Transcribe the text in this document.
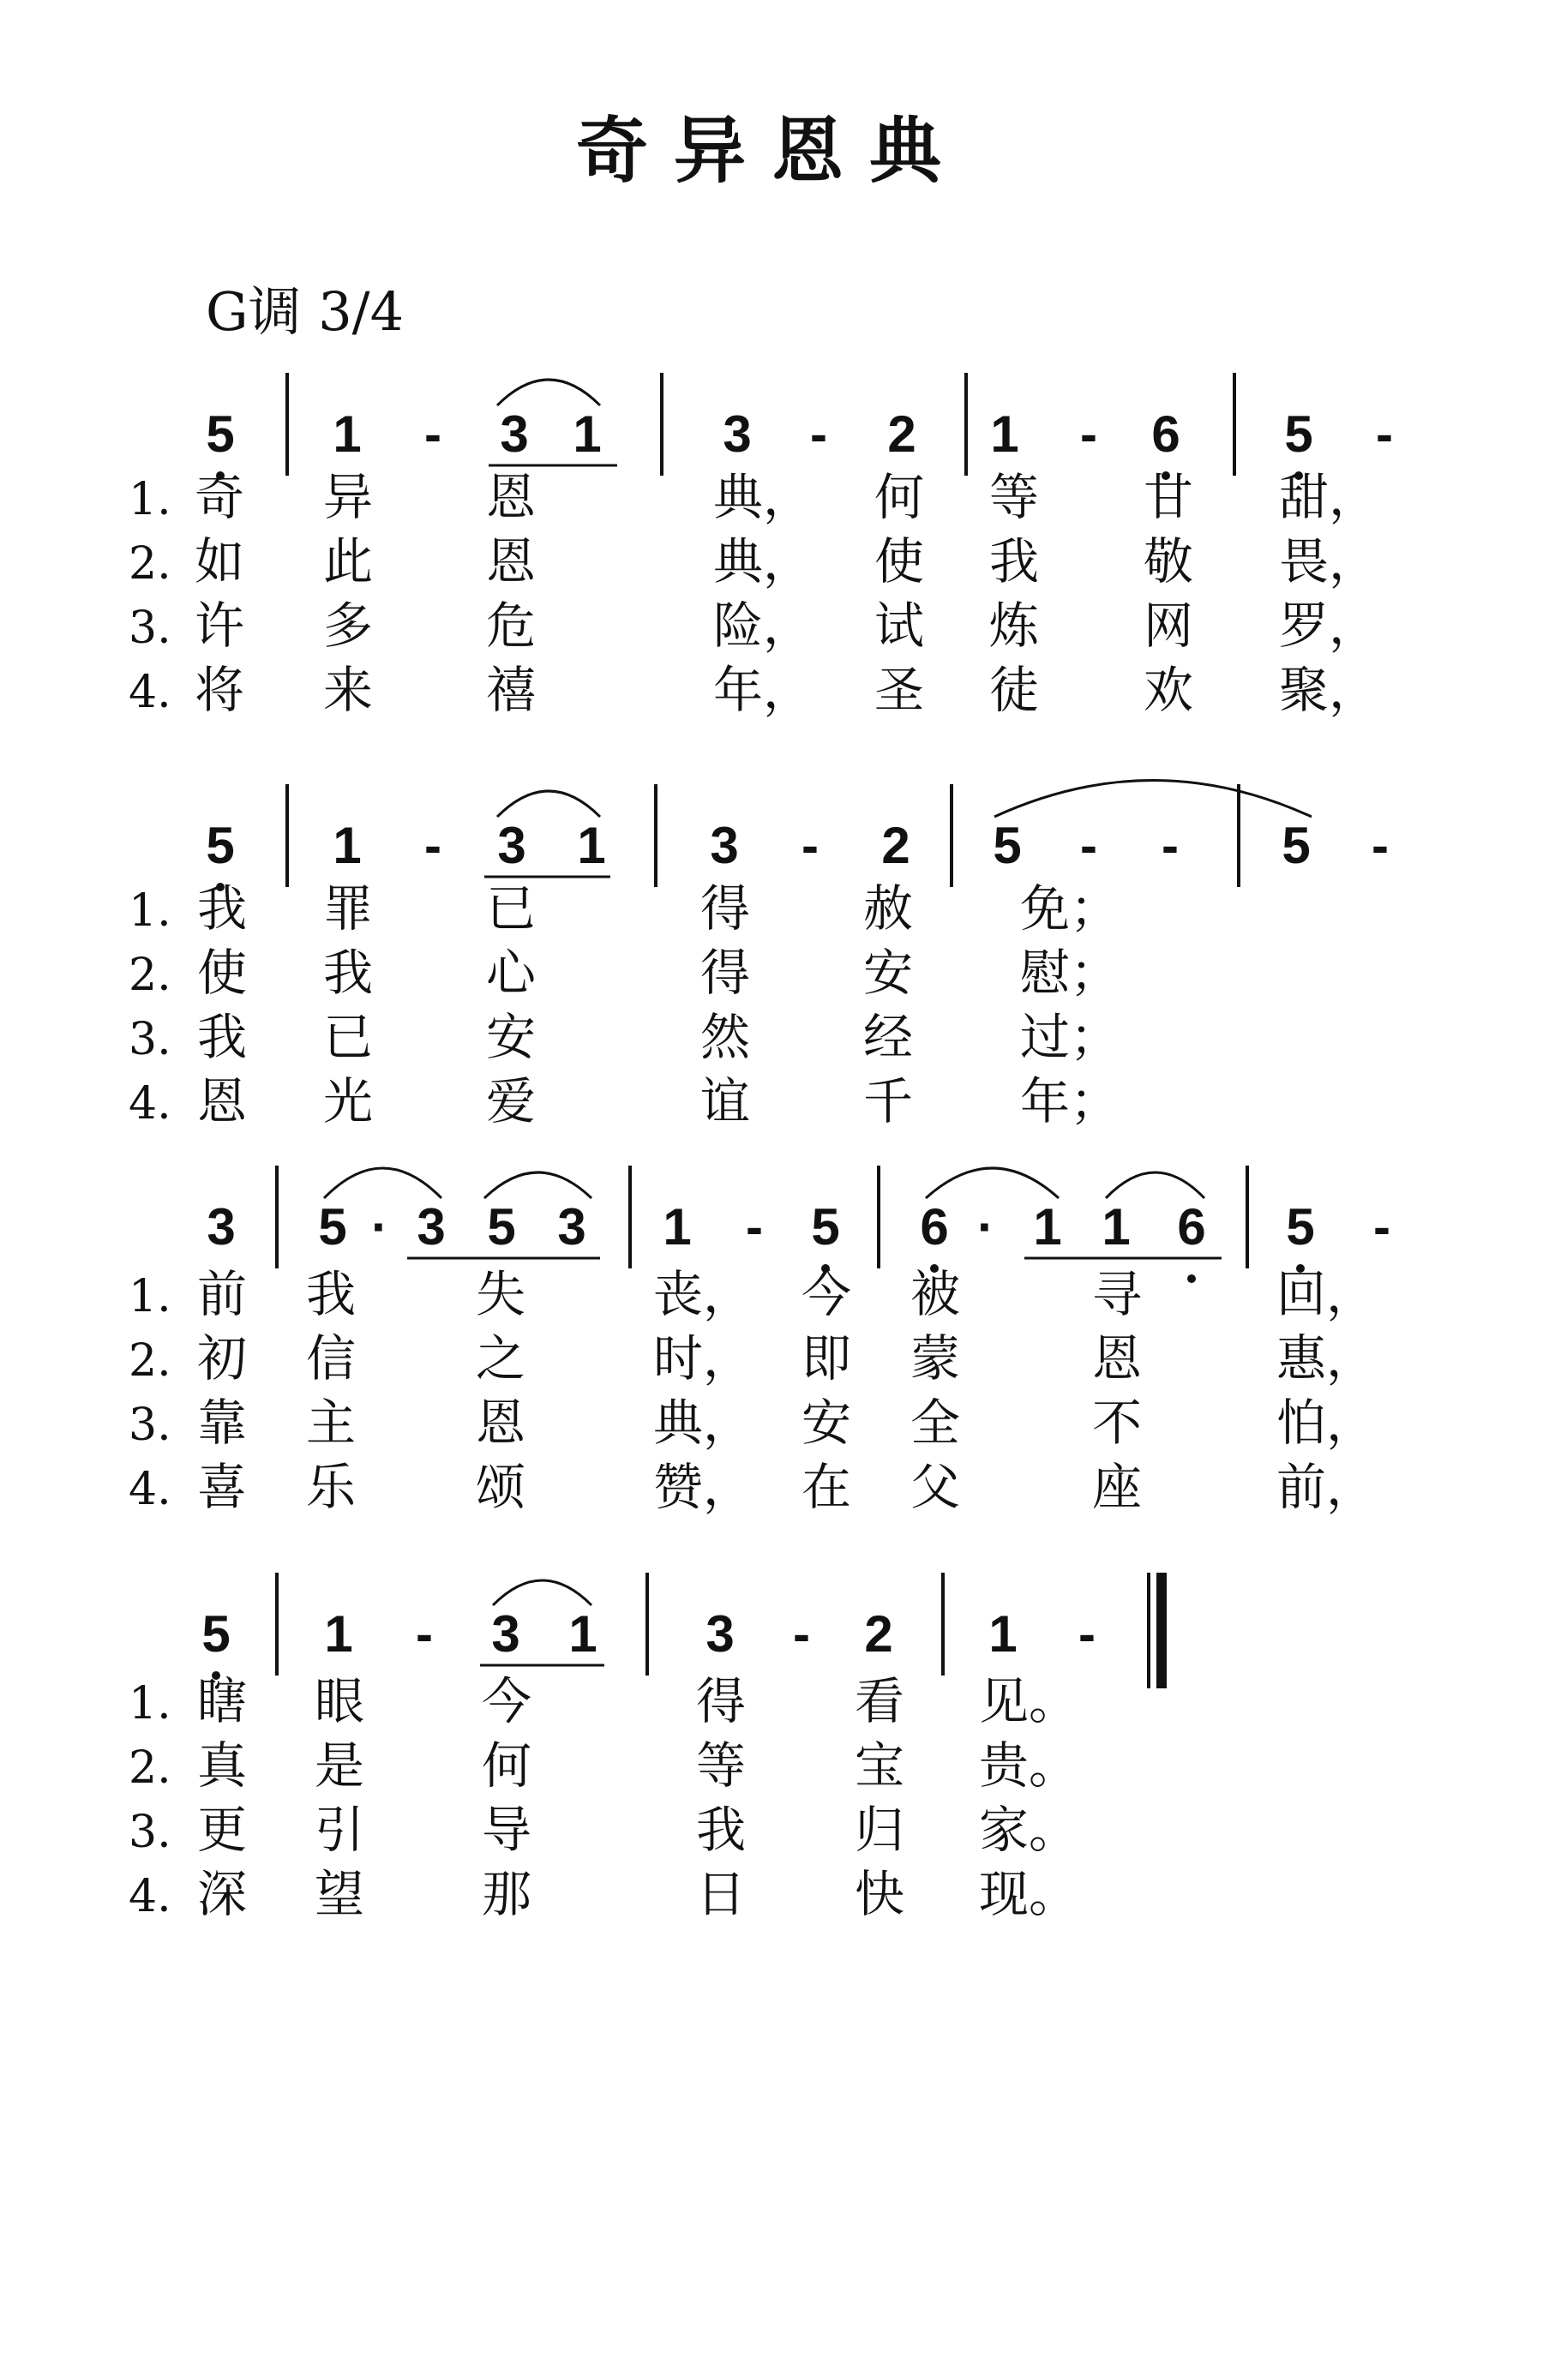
奇异恩典
G调 3/4
5 1 - 3 1 3 - 2 1 - 6 5 -
1. 奇 异 恩	典， 何 等 甘 甜，
2. 如 此 恩	典， 使 我 敬 畏，
3. 许 多 危	险， 试 炼 网 罗，
4. 将 来 禧	年， 圣 徒 欢 聚，
5 1 - 3 1 3 - 2 5 - - 5 -
1. 我 罪 已	得 赦 免；
2. 使 我 心	得 安 慰；
3. 我 已 安	然 经 过；
4. 恩 光 爱	谊 千 年；
3 5 · 3 5 3 1 - 5 6 · 1 1 6 5 -
1. 前 我 失	丧， 今 被	寻	回，
2. 初 信 之	时， 即 蒙	恩	惠，
3. 靠 主 恩	典， 安 全	不	怕，
4. 喜 乐 颂	赞， 在 父	座	前，
5 1 - 3 1 3 - 2 1 -
1. 瞎 眼 今	得 看 见。
2. 真 是 何	等 宝 贵。
3. 更 引 导	我 归 家。
4. 深 望 那	日 快 现。
